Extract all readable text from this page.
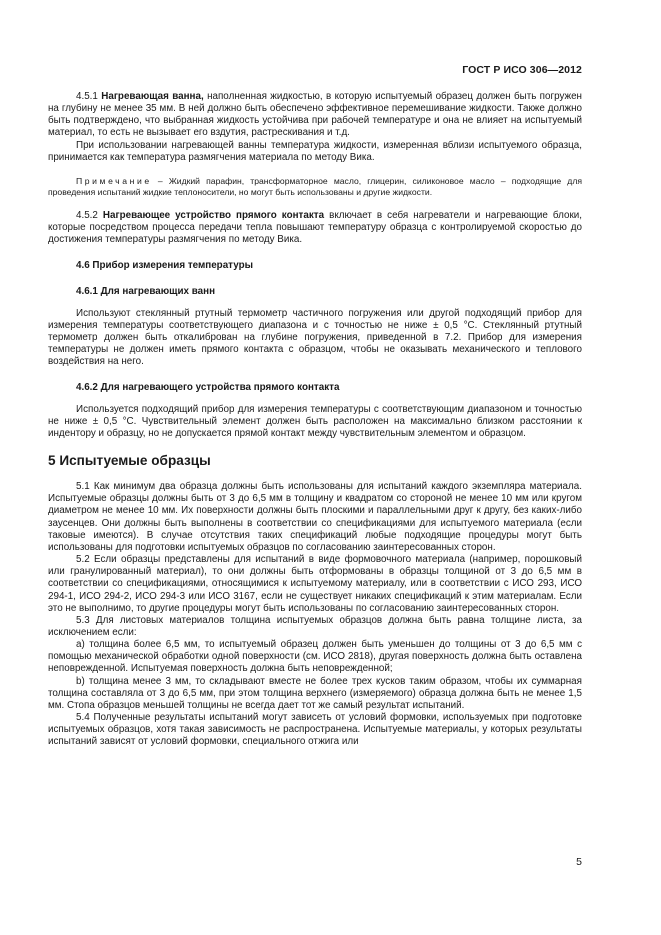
ГОСТ Р ИСО 306—2012

4.5.1 Нагревающая ванна, наполненная жидкостью, в которую испытуемый образец должен быть погружен на глубину не менее 35 мм. В ней должно быть обеспечено эффективное перемешивание жидкости. Также должно быть подтверждено, что выбранная жидкость устойчива при рабочей температуре и она не влияет на испытуемый материал, то есть не вызывает его вздутия, растрескивания и т.д.

При использовании нагревающей ванны температура жидкости, измеренная вблизи испытуемого образца, принимается как температура размягчения материала по методу Вика.

Примечание – Жидкий парафин, трансформаторное масло, глицерин, силиконовое масло – подходящие для проведения испытаний жидкие теплоносители, но могут быть использованы и другие жидкости.

4.5.2 Нагревающее устройство прямого контакта включает в себя нагреватели и нагревающие блоки, которые посредством процесса передачи тепла повышают температуру образца с контролируемой скоростью до достижения температуры размягчения по методу Вика.

4.6 Прибор измерения температуры

4.6.1 Для нагревающих ванн

Используют стеклянный ртутный термометр частичного погружения или другой подходящий прибор для измерения температуры соответствующего диапазона и с точностью не ниже ± 0,5 °С. Стеклянный ртутный термометр должен быть откалиброван на глубине погружения, приведенной в 7.2. Прибор для измерения температуры не должен иметь прямого контакта с образцом, чтобы не оказывать механического и теплового воздействия на него.

4.6.2 Для нагревающего устройства прямого контакта

Используется подходящий прибор для измерения температуры с соответствующим диапазоном и точностью не ниже ± 0,5 °С. Чувствительный элемент должен быть расположен на максимально близком расстоянии к индентору и образцу, но не допускается прямой контакт между чувствительным элементом и образцом.

5 Испытуемые образцы

5.1 Как минимум два образца должны быть использованы для испытаний каждого экземпляра материала. Испытуемые образцы должны быть от 3 до 6,5 мм в толщину и квадратом со стороной не менее 10 мм или кругом диаметром не менее 10 мм. Их поверхности должны быть плоскими и параллельными друг к другу, без каких-либо заусенцев. Они должны быть выполнены в соответствии со спецификациями для испытуемого материала (если таковые имеются). В случае отсутствия таких спецификаций любые подходящие процедуры могут быть использованы для подготовки испытуемых образцов по согласованию заинтересованных сторон.

5.2 Если образцы представлены для испытаний в виде формовочного материала (например, порошковый или гранулированный материал), то они должны быть отформованы в образцы толщиной от 3 до 6,5 мм в соответствии со спецификациями, относящимися к испытуемому материалу, или в соответствии с ИСО 293, ИСО 294-1, ИСО 294-2, ИСО 294-3 или ИСО 3167, если не существует никаких спецификаций к этим материалам. Если это не выполнимо, то другие процедуры могут быть использованы по согласованию заинтересованных сторон.

5.3 Для листовых материалов толщина испытуемых образцов должна быть равна толщине листа, за исключением если:

а) толщина более 6,5 мм, то испытуемый образец должен быть уменьшен до толщины от 3 до 6,5 мм с помощью механической обработки одной поверхности (см. ИСО 2818), другая поверхность должна быть оставлена неповрежденной. Испытуемая поверхность должна быть неповрежденной;

b) толщина менее 3 мм, то складывают вместе не более трех кусков таким образом, чтобы их суммарная толщина составляла от 3 до 6,5 мм, при этом толщина верхнего (измеряемого) образца должна быть не менее 1,5 мм. Стопа образцов меньшей толщины не всегда дает тот же самый результат испытаний.

5.4 Полученные результаты испытаний могут зависеть от условий формовки, используемых при подготовке испытуемых образцов, хотя такая зависимость не распространена. Испытуемые материалы, у которых результаты испытаний зависят от условий формовки, специального отжига или

5
